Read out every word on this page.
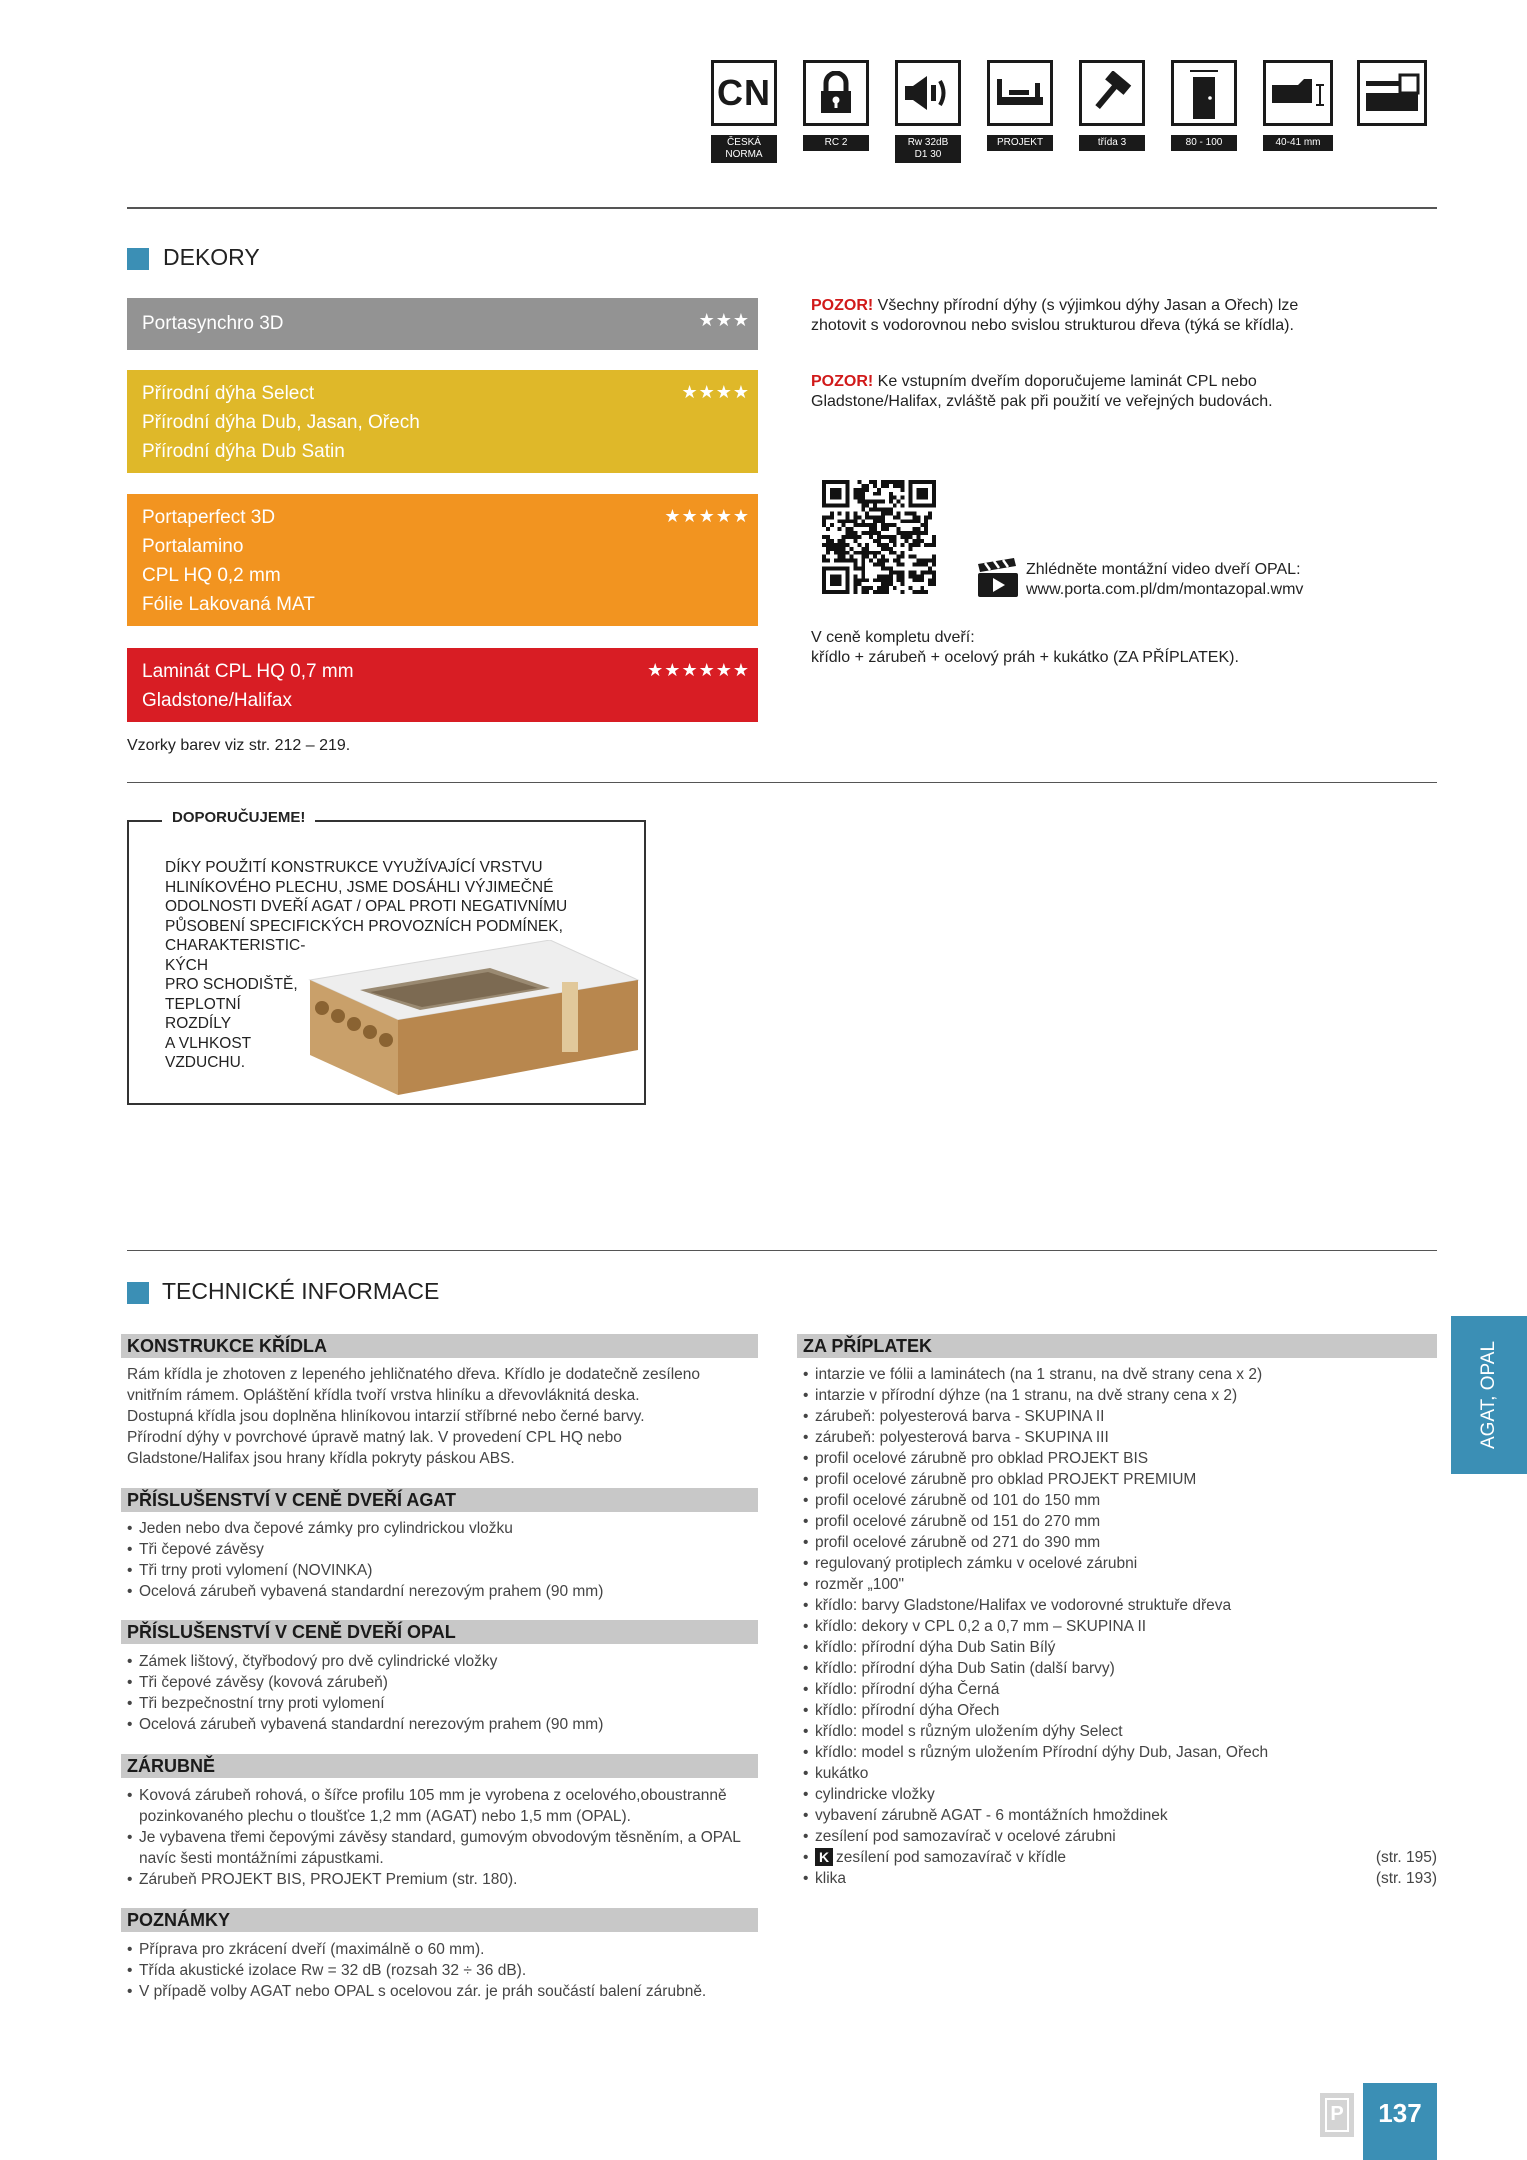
CN
ČESKÁ
NORMA
RC 2	Rw 32dB
D1 30
PROJEKT	třída 3	80 - 100	40-41 mm
DEKORY
Portasynchro 3D	★★★
Přírodní dýha Select
Přírodní dýha Dub, Jasan, Ořech
Přírodní dýha Dub Satin
★★★★
Portaperfect 3D
Portalamino
CPL HQ 0,2 mm
Fólie Lakovaná MAT
★★★★★
Laminát CPL HQ 0,7 mm
Gladstone/Halifax
★★★★★★
Vzorky barev viz str. 212 – 219.
POZOR! Všechny přírodní dýhy (s výjimkou dýhy Jasan a Ořech) lze zhotovit s vodorovnou nebo svislou strukturou dřeva (týká se křídla).
POZOR! Ke vstupním dveřím doporučujeme laminát CPL nebo Gladstone/Halifax, zvláště pak při použití ve veřejných budovách.
Zhlédněte montážní video dveří OPAL:
www.porta.com.pl/dm/montazopal.wmv
V ceně kompletu dveří:
křídlo + zárubeň + ocelový práh + kukátko (ZA PŘÍPLATEK).
DOPORUČUJEME!
DÍKY POUŽITÍ KONSTRUKCE VYUŽÍVAJÍCÍ VRSTVU
HLINÍKOVÉHO PLECHU, JSME DOSÁHLI VÝJIMEČNÉ
ODOLNOSTI DVEŘÍ AGAT / OPAL PROTI NEGATIVNÍMU
PŮSOBENÍ SPECIFICKÝCH PROVOZNÍCH PODMÍNEK,
CHARAKTERISTIC-
KÝCH
PRO SCHODIŠTĚ,
TEPLOTNÍ
ROZDÍLY
A VLHKOST
VZDUCHU.
TECHNICKÉ INFORMACE
KONSTRUKCE KŘÍDLA
Rám křídla je zhotoven z lepeného jehličnatého dřeva. Křídlo je dodatečně zesíleno
vnitřním rámem. Opláštění křídla tvoří vrstva hliníku a dřevovláknitá deska.
Dostupná křídla jsou doplněna hliníkovou intarzií stříbrné nebo černé barvy.
Přírodní dýhy v povrchové úpravě matný lak. V provedení CPL HQ nebo
Gladstone/Halifax jsou hrany křídla pokryty páskou ABS.
PŘÍSLUŠENSTVÍ V CENĚ DVEŘÍ AGAT
• Jeden nebo dva čepové zámky pro cylindrickou vložku
• Tři čepové závěsy
• Tři trny proti vylomení (NOVINKA)
• Ocelová zárubeň vybavená standardní nerezovým prahem (90 mm)
PŘÍSLUŠENSTVÍ V CENĚ DVEŘÍ OPAL
• Zámek lištový, čtyřbodový pro dvě cylindrické vložky
• Tři čepové závěsy (kovová zárubeň)
• Tři bezpečnostní trny proti vylomení
• Ocelová zárubeň vybavená standardní nerezovým prahem (90 mm)
ZÁRUBNĚ
• Kovová zárubeň rohová, o šířce profilu 105 mm je vyrobena z ocelového,oboustranně pozinkovaného plechu o tloušťce 1,2 mm (AGAT) nebo 1,5 mm (OPAL).
• Je vybavena třemi čepovými závěsy standard, gumovým obvodovým těsněním, a OPAL navíc šesti montážními zápustkami.
• Zárubeň PROJEKT BIS, PROJEKT Premium (str. 180).
POZNÁMKY
• Příprava pro zkrácení dveří (maximálně o 60 mm).
• Třída akustické izolace Rw = 32 dB (rozsah 32 ÷ 36 dB).
• V případě volby AGAT nebo OPAL s ocelovou zár. je práh součástí balení zárubně.
ZA PŘÍPLATEK
• intarzie ve fólii a laminátech (na 1 stranu, na dvě strany cena x 2)
• intarzie v přírodní dýhze (na 1 stranu, na dvě strany cena x 2)
• zárubeň: polyesterová barva - SKUPINA II
• zárubeň: polyesterová barva - SKUPINA III
• profil ocelové zárubně pro obklad PROJEKT BIS
• profil ocelové zárubně pro obklad PROJEKT PREMIUM
• profil ocelové zárubně od 101 do 150 mm
• profil ocelové zárubně od 151 do 270 mm
• profil ocelové zárubně od 271 do 390 mm
• regulovaný protiplech zámku v ocelové zárubni
• rozměr „100"
• křídlo: barvy Gladstone/Halifax ve vodorovné struktuře dřeva
• křídlo: dekory v CPL 0,2 a 0,7 mm – SKUPINA II
• křídlo: přírodní dýha Dub Satin Bílý
• křídlo: přírodní dýha Dub Satin (další barvy)
• křídlo: přírodní dýha Černá
• křídlo: přírodní dýha Ořech
• křídlo: model s různým uložením dýhy Select
• křídlo: model s různým uložením Přírodní dýhy Dub, Jasan, Ořech
• kukátko
• cylindricke vložky
• vybavení zárubně AGAT - 6 montážních hmoždinek
• zesílení pod samozavírač v ocelové zárubni
• K zesílení pod samozavírač v křídle	(str. 195)
• klika	(str. 193)
AGAT, OPAL
P	137
